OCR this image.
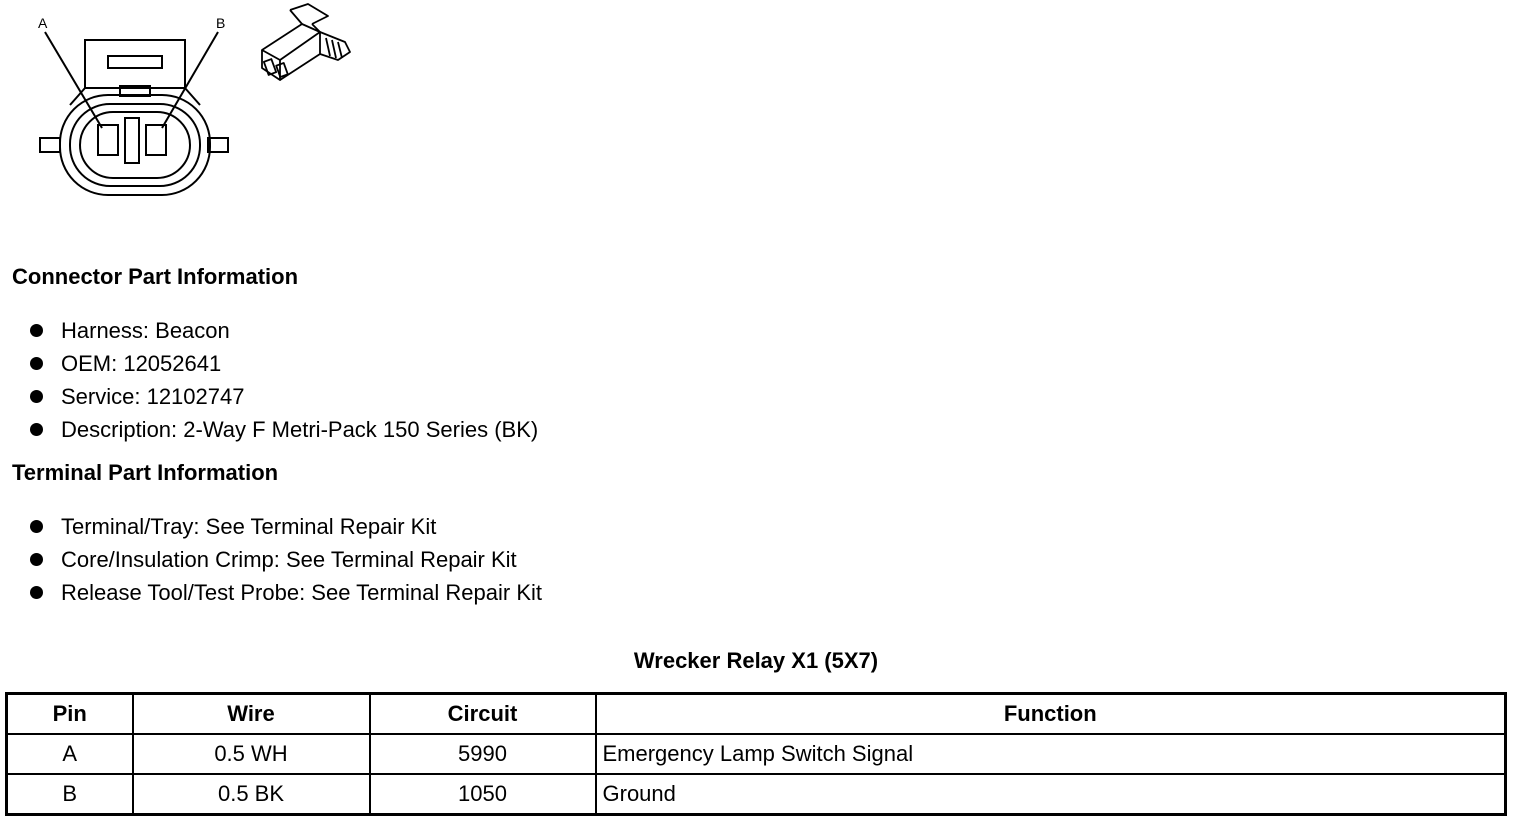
A	B
Connector Part Information
Harness: Beacon
OEM: 12052641
Service: 12102747
Description: 2-Way F Metri-Pack 150 Series (BK)
Terminal Part Information
Terminal/Tray: See Terminal Repair Kit
Core/Insulation Crimp: See Terminal Repair Kit
Release Tool/Test Probe: See Terminal Repair Kit
Wrecker Relay X1 (5X7)
Pin	Wire	Circuit	Function
A	0.5 WH	5990	Emergency Lamp Switch Signal
B	0.5 BK	1050	Ground
